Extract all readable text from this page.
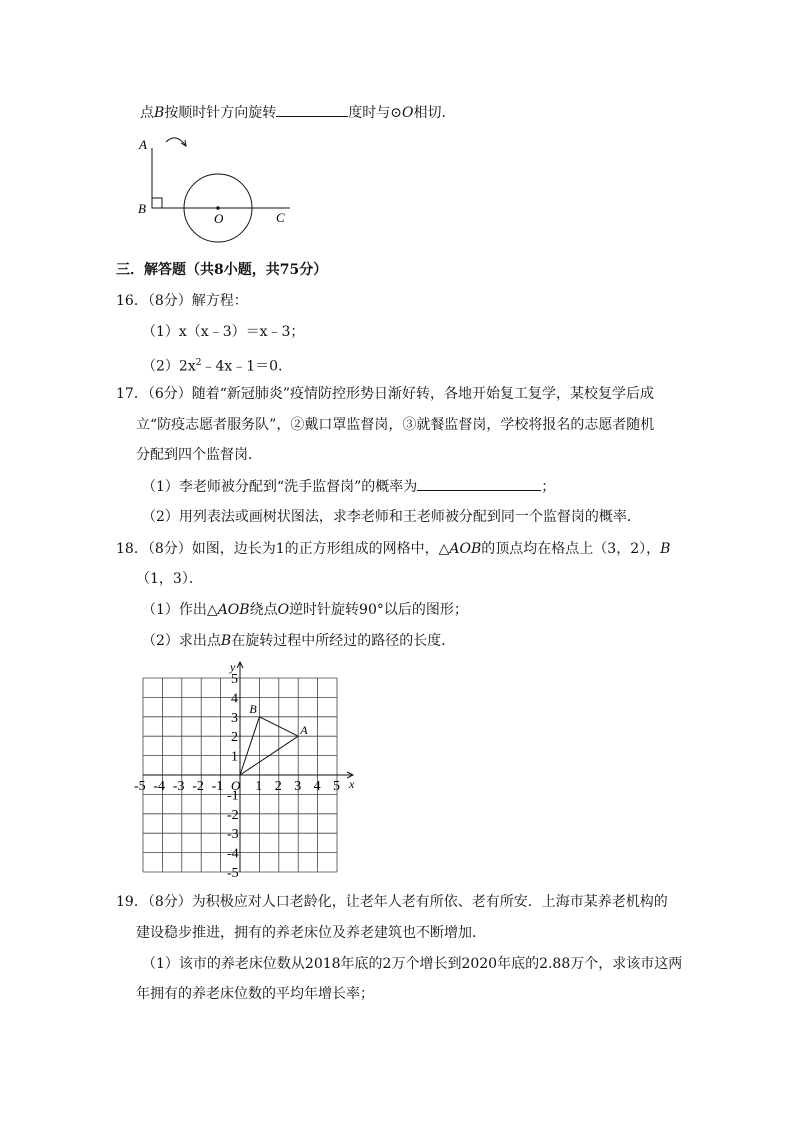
点B按顺时针方向旋转	度时与⊙O相切．
A
B
O	C
三．解答题（共8小题，共75分）
16．（8分）解方程：
（1）x（x﹣3）＝x﹣3；
$(2)2x^2﹣4x﹣1=0$．
17．（6分）随着“新冠肺炎”疫情防控形势日渐好转，各地开始复工复学，某校复学后成
立“防疫志愿者服务队”，②戴口罩监督岗，③就餐监督岗，学校将报名的志愿者随机
分配到四个监督岗．
（1）李老师被分配到“洗手监督岗”的概率为	；
（2）用列表法或画树状图法，求李老师和王老师被分配到同一个监督岗的概率．
18．（8分）如图，边长为1的正方形组成的网格中，△AOB的顶点均在格点上（3，2），B
（1，3）．
（1）作出△AOB绕点O逆时针旋转90°以后的图形；
（2）求出点B在旋转过程中所经过的路径的长度．
x
y
-5 -4 -3 -2 -1 1 2 3 4 5
5
4
3
2
1
-1
-2
-3
-4
-5
O
A
B
19．（8分）为积极应对人口老龄化，让老年人老有所依、老有所安．上海市某养老机构的
建设稳步推进，拥有的养老床位及养老建筑也不断增加．
（1）该市的养老床位数从2018年底的2万个增长到2020年底的2.88万个，求该市这两
年拥有的养老床位数的平均年增长率；
